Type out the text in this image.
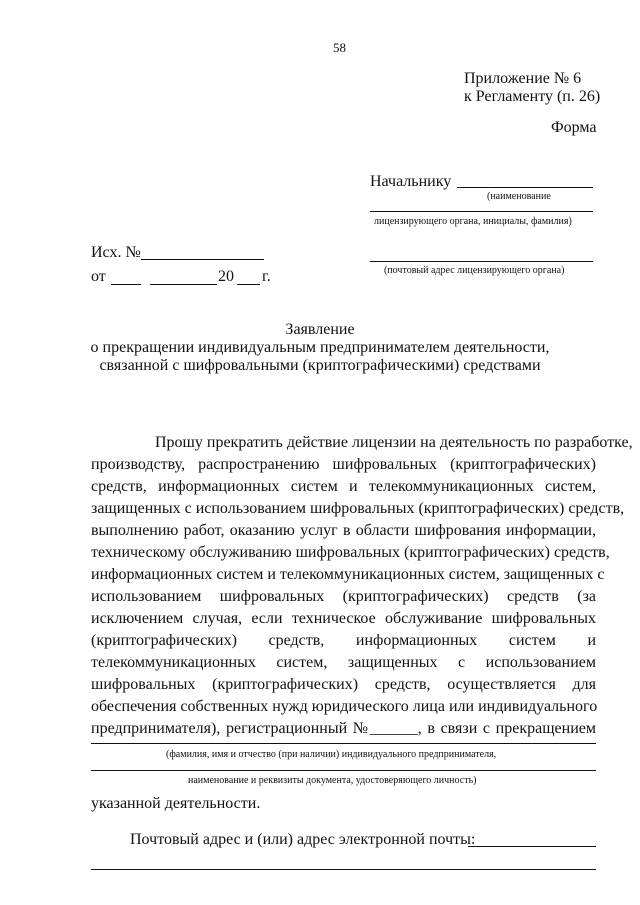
58
Приложение № 6
к Регламенту (п. 26)
Форма
Начальнику
(наименование
лицензирующего органа, инициалы, фамилия)
(почтовый адрес лицензирующего органа)
Исх. №
от	20 г.
Заявление
о прекращении индивидуальным предпринимателем деятельности,
связанной с шифровальными (криптографическими) средствами
Прошу прекратить действие лицензии на деятельность по разработке,
производству, распространению шифровальных (криптографических)
средств, информационных систем и телекоммуникационных систем,
защищенных с использованием шифровальных (криптографических) средств,
выполнению работ, оказанию услуг в области шифрования информации,
техническому обслуживанию шифровальных (криптографических) средств,
информационных систем и телекоммуникационных систем, защищенных с
использованием шифровальных (криптографических) средств (за
исключением случая, если техническое обслуживание шифровальных
(криптографических) средств, информационных систем и
телекоммуникационных систем, защищенных с использованием
шифровальных (криптографических) средств, осуществляется для
обеспечения собственных нужд юридического лица или индивидуального
предпринимателя), регистрационный №______, в связи с прекращением
(фамилия, имя и отчество (при наличии) индивидуального предпринимателя,
наименование и реквизиты документа, удостоверяющего личность)
указанной деятельности.
Почтовый адрес и (или) адрес электронной почты:
